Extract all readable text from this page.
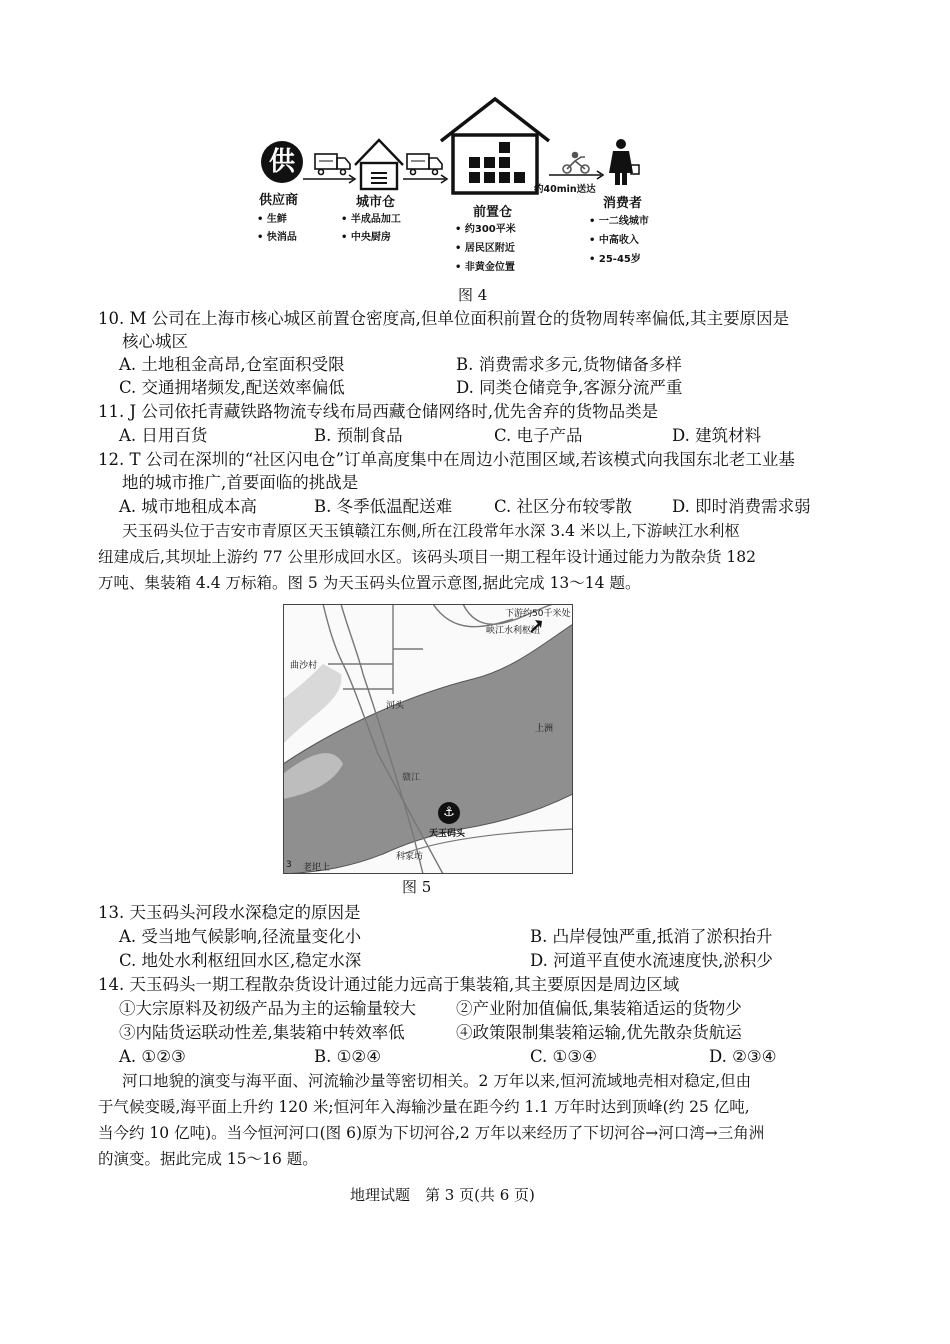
供
供应商
• 生鲜
• 快消品
城市仓
• 半成品加工
• 中央厨房
前置仓
• 约300平米
• 居民区附近
• 非黄金位置
约40min送达
消费者
• 一二线城市
• 中高收入
• 25-45岁
图 4
10. M 公司在上海市核心城区前置仓密度高,但单位面积前置仓的货物周转率偏低,其主要原因是
核心城区
A. 土地租金高昂,仓室面积受限	B. 消费需求多元,货物储备多样
C. 交通拥堵频发,配送效率偏低	D. 同类仓储竞争,客源分流严重
11. J 公司依托青藏铁路物流专线布局西藏仓储网络时,优先舍弃的货物品类是
A. 日用百货	B. 预制食品	C. 电子产品	D. 建筑材料
12. T 公司在深圳的“社区闪电仓”订单高度集中在周边小范围区域,若该模式向我国东北老工业基
地的城市推广,首要面临的挑战是
A. 城市地租成本高	B. 冬季低温配送难	C. 社区分布较零散 D. 即时消费需求弱
天玉码头位于吉安市青原区天玉镇赣江东侧,所在江段常年水深 3.4 米以上,下游峡江水利枢
纽建成后,其坝址上游约 77 公里形成回水区。该码头项目一期工程年设计通过能力为散杂货 182
万吨、集装箱 4.4 万标箱。图 5 为天玉码头位置示意图,据此完成 13～14 题。
⚓
下游约50千米处
峡江水利枢纽
曲沙村
河头
上洲
赣江
天玉码头
科家坊
老圯上
3
图 5
13. 天玉码头河段水深稳定的原因是
A. 受当地气候影响,径流量变化小	B. 凸岸侵蚀严重,抵消了淤积抬升
C. 地处水利枢纽回水区,稳定水深	D. 河道平直使水流速度快,淤积少
14. 天玉码头一期工程散杂货设计通过能力远高于集装箱,其主要原因是周边区域
①大宗原料及初级产品为主的运输量较大 ②产业附加值偏低,集装箱适运的货物少
③内陆货运联动性差,集装箱中转效率低	④政策限制集装箱运输,优先散杂货航运
A. ①②③	B. ①②④	C. ①③④	D. ②③④
河口地貌的演变与海平面、河流输沙量等密切相关。2 万年以来,恒河流域地壳相对稳定,但由
于气候变暖,海平面上升约 120 米;恒河年入海输沙量在距今约 1.1 万年时达到顶峰(约 25 亿吨,
当今约 10 亿吨)。当今恒河河口(图 6)原为下切河谷,2 万年以来经历了下切河谷→河口湾→三角洲
的演变。据此完成 15～16 题。
地理试题　第 3 页(共 6 页)
